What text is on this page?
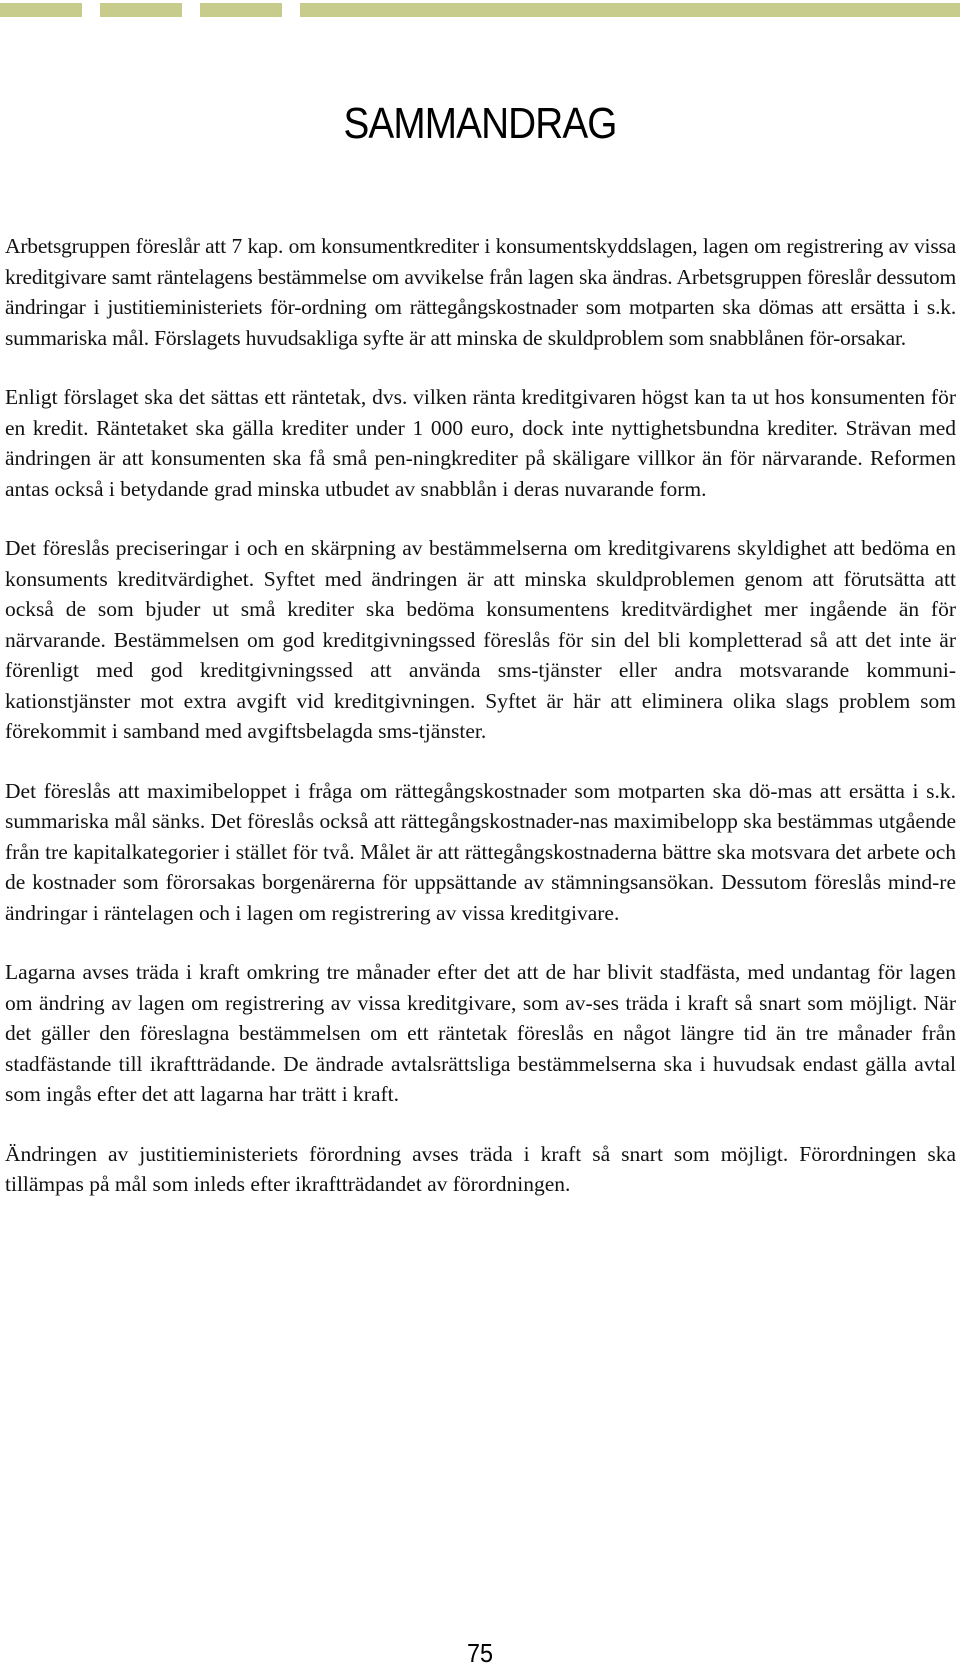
SAMMANDRAG

Arbetsgruppen föreslår att 7 kap. om konsumentkrediter i konsumentskyddslagen, lagen om registrering av vissa kreditgivare samt räntelagens bestämmelse om avvikelse från lagen ska ändras. Arbetsgruppen föreslår dessutom ändringar i justitieministeriets för-ordning om rättegångskostnader som motparten ska dömas att ersätta i s.k. summariska mål. Förslagets huvudsakliga syfte är att minska de skuldproblem som snabblånen för-orsakar.

Enligt förslaget ska det sättas ett räntetak, dvs. vilken ränta kreditgivaren högst kan ta ut hos konsumenten för en kredit. Räntetaket ska gälla krediter under 1 000 euro, dock inte nyttighetsbundna krediter. Strävan med ändringen är att konsumenten ska få små pen-ningkrediter på skäligare villkor än för närvarande. Reformen antas också i betydande grad minska utbudet av snabblån i deras nuvarande form.

Det föreslås preciseringar i och en skärpning av bestämmelserna om kreditgivarens skyldighet att bedöma en konsuments kreditvärdighet. Syftet med ändringen är att minska skuldproblemen genom att förutsätta att också de som bjuder ut små krediter ska bedöma konsumentens kreditvärdighet mer ingående än för närvarande. Bestämmelsen om god kreditgivningssed föreslås för sin del bli kompletterad så att det inte är förenligt med god kreditgivningssed att använda sms-tjänster eller andra motsvarande kommuni-kationstjänster mot extra avgift vid kreditgivningen. Syftet är här att eliminera olika slags problem som förekommit i samband med avgiftsbelagda sms-tjänster.

Det föreslås att maximibeloppet i fråga om rättegångskostnader som motparten ska dö-mas att ersätta i s.k. summariska mål sänks. Det föreslås också att rättegångskostnader-nas maximibelopp ska bestämmas utgående från tre kapitalkategorier i stället för två. Målet är att rättegångskostnaderna bättre ska motsvara det arbete och de kostnader som förorsakas borgenärerna för uppsättande av stämningsansökan. Dessutom föreslås mind-re ändringar i räntelagen och i lagen om registrering av vissa kreditgivare.

Lagarna avses träda i kraft omkring tre månader efter det att de har blivit stadfästa, med undantag för lagen om ändring av lagen om registrering av vissa kreditgivare, som av-ses träda i kraft så snart som möjligt. När det gäller den föreslagna bestämmelsen om ett räntetak föreslås en något längre tid än tre månader från stadfästande till ikraftträdande. De ändrade avtalsrättsliga bestämmelserna ska i huvudsak endast gälla avtal som ingås efter det att lagarna har trätt i kraft.

Ändringen av justitieministeriets förordning avses träda i kraft så snart som möjligt. Förordningen ska tillämpas på mål som inleds efter ikraftträdandet av förordningen.

75
